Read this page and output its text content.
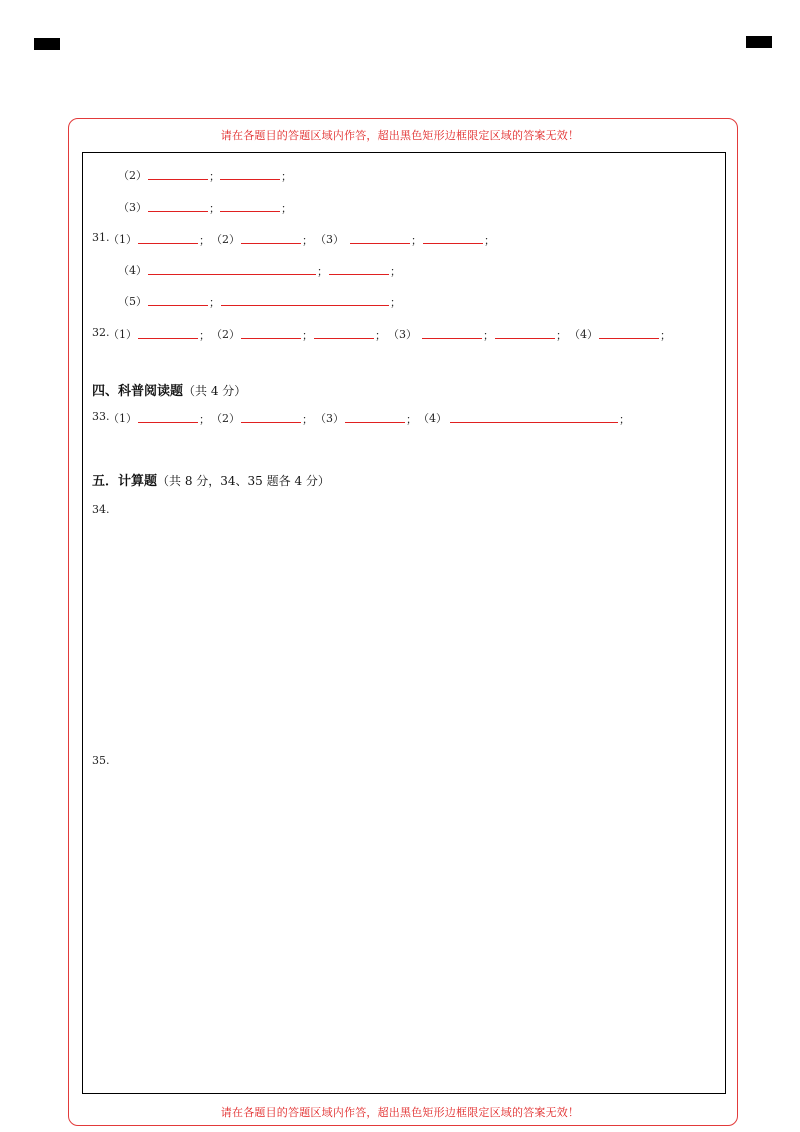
请在各题目的答题区域内作答，超出黑色矩形边框限定区域的答案无效！
请在各题目的答题区域内作答，超出黑色矩形边框限定区域的答案无效！
（2）	；	；
（3）	；	；
31.
（1）	； （2）	； （3）	；	；
（4）	；	；
（5）	；	；
32.
（1）	； （2）	；	； （3）	；	； （4）	；
四、科普阅读题（共 4 分）
33.
（1）	； （2）	； （3）	； （4）	；
五．计算题（共 8 分，34、35 题各 4 分）
34.
35.
